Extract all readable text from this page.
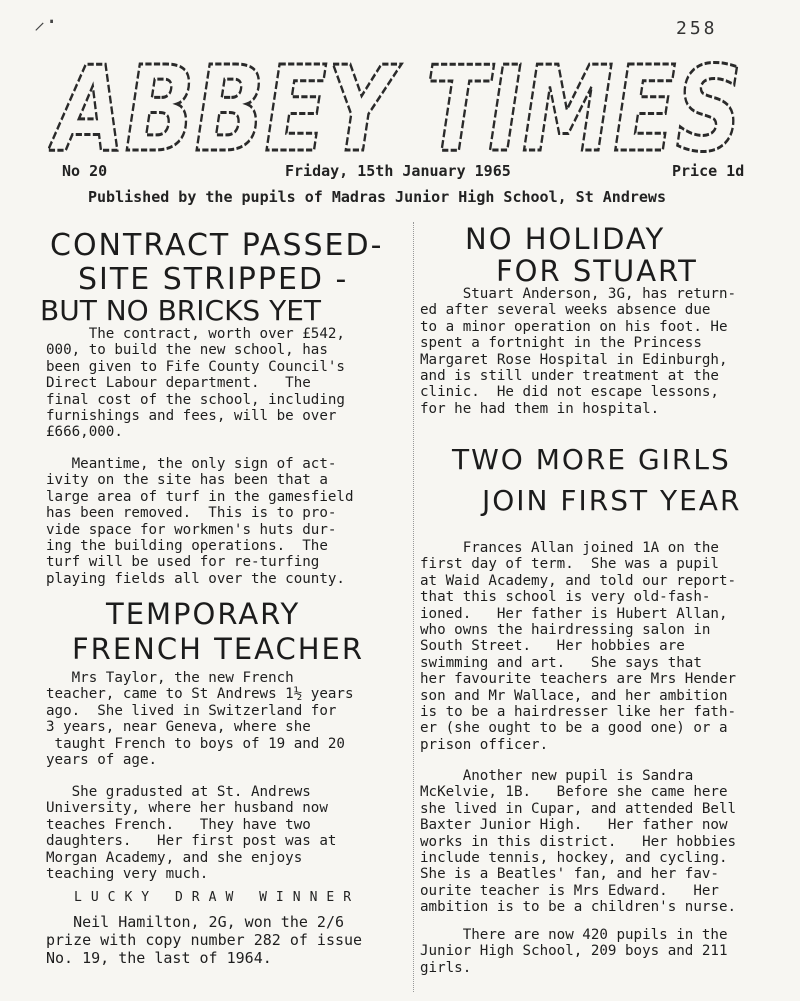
⸝·	258
ABBEY TIMES
No 20	Friday, 15th January 1965	Price 1d
Published by the pupils of Madras Junior High School, St Andrews
CONTRACT PASSED-
SITE STRIPPED -
BUT NO BRICKS YET
The contract, worth over £542,
000, to build the new school, has
been given to Fife County Council's
Direct Labour department.   The
final cost of the school, including
furnishings and fees, will be over
£666,000.
Meantime, the only sign of act-
ivity on the site has been that a
large area of turf in the gamesfield
has been removed.  This is to pro-
vide space for workmen's huts dur-
ing the building operations.  The
turf will be used for re-turfing
playing fields all over the county.
TEMPORARY
FRENCH TEACHER
Mrs Taylor, the new French
teacher, came to St Andrews 1½ years
ago.  She lived in Switzerland for
3 years, near Geneva, where she
taught French to boys of 19 and 20
years of age.
She gradusted at St. Andrews
University, where her husband now
teaches French.   They have two
daughters.   Her first post was at
Morgan Academy, and she enjoys
teaching very much.
LUCKY DRAW WINNER
Neil Hamilton, 2G, won the 2/6
prize with copy number 282 of issue
No. 19, the last of 1964.
NO HOLIDAY
FOR STUART
Stuart Anderson, 3G, has return-
ed after several weeks absence due
to a minor operation on his foot. He
spent a fortnight in the Princess
Margaret Rose Hospital in Edinburgh,
and is still under treatment at the
clinic.  He did not escape lessons,
for he had them in hospital.
TWO MORE GIRLS
JOIN FIRST YEAR
Frances Allan joined 1A on the
first day of term.  She was a pupil
at Waid Academy, and told our report-
that this school is very old-fash-
ioned.   Her father is Hubert Allan,
who owns the hairdressing salon in
South Street.   Her hobbies are
swimming and art.   She says that
her favourite teachers are Mrs Hender
son and Mr Wallace, and her ambition
is to be a hairdresser like her fath-
er (she ought to be a good one) or a
prison officer.
Another new pupil is Sandra
McKelvie, 1B.   Before she came here
she lived in Cupar, and attended Bell
Baxter Junior High.   Her father now
works in this district.   Her hobbies
include tennis, hockey, and cycling.
She is a Beatles' fan, and her fav-
ourite teacher is Mrs Edward.   Her
ambition is to be a children's nurse.
There are now 420 pupils in the
Junior High School, 209 boys and 211
girls.
